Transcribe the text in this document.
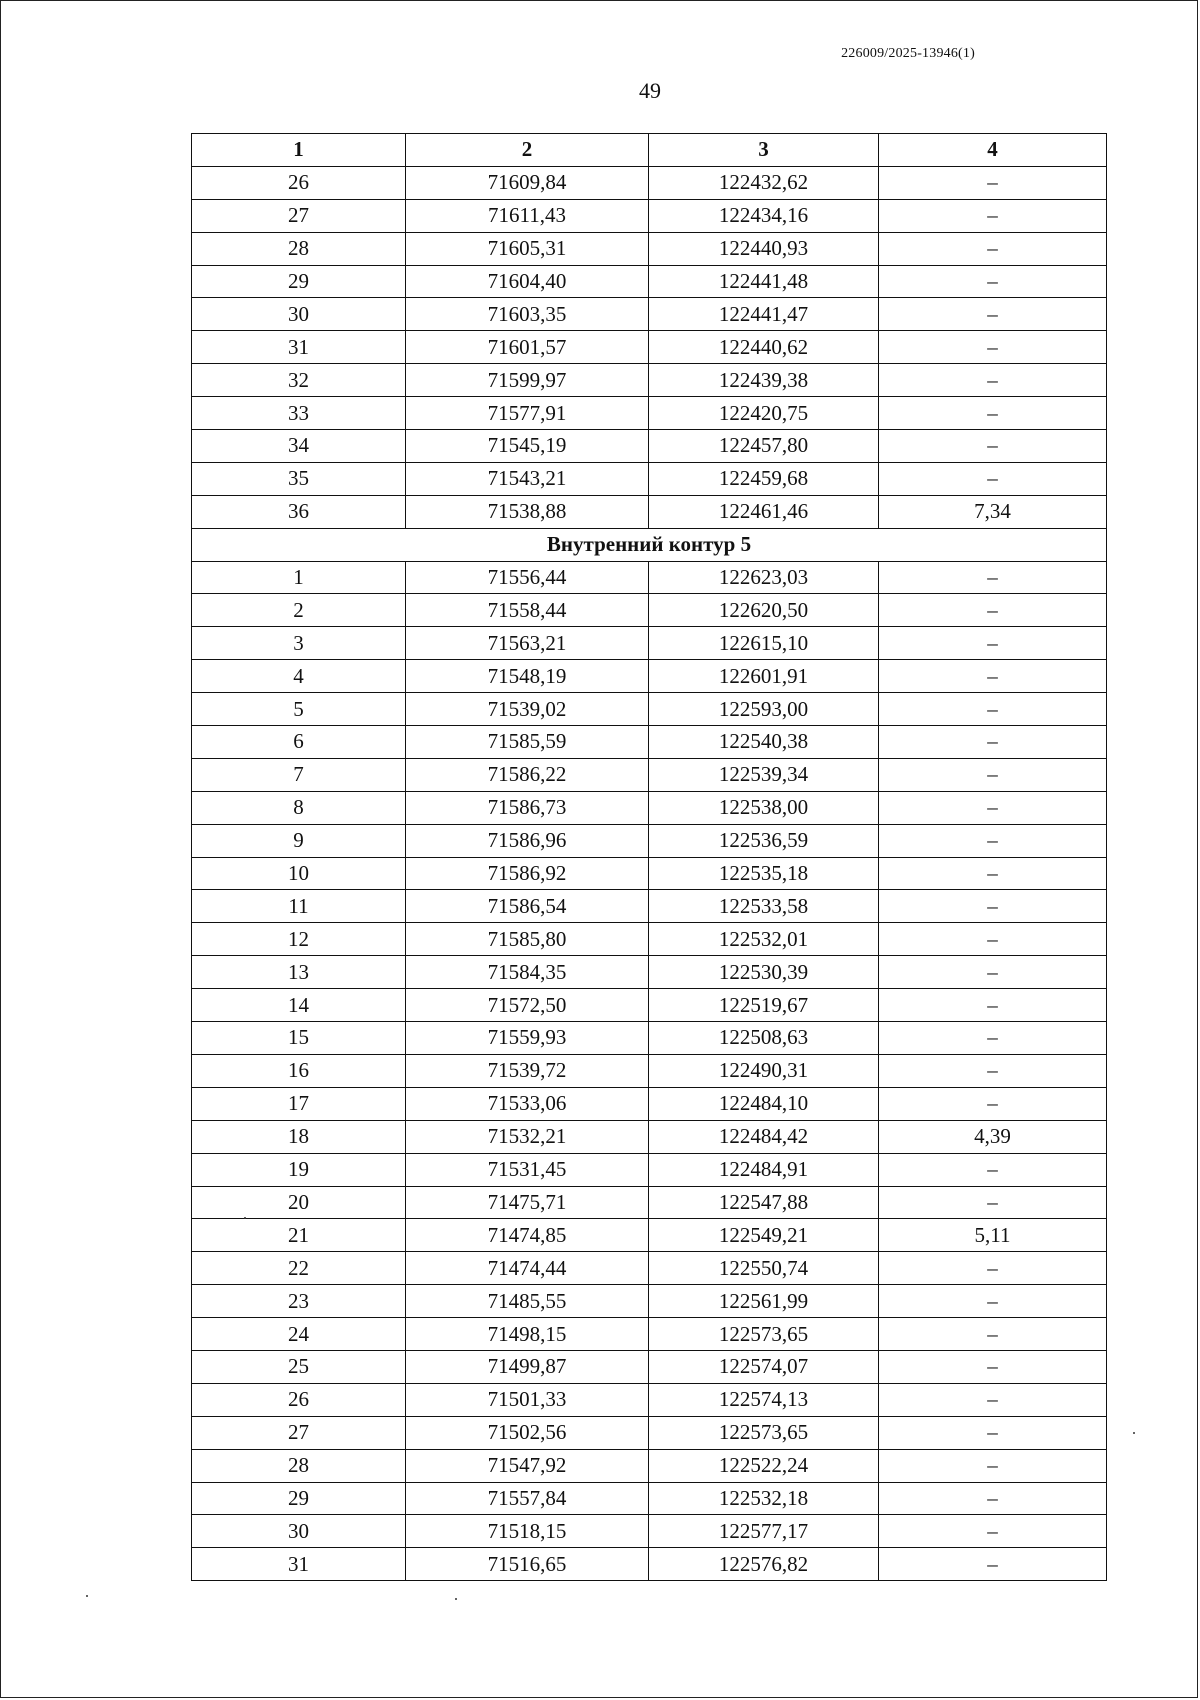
226009/2025-13946(1)
49
1	2	3	4
26	71609,84	122432,62	–
27	71611,43	122434,16	–
28	71605,31	122440,93	–
29	71604,40	122441,48	–
30	71603,35	122441,47	–
31	71601,57	122440,62	–
32	71599,97	122439,38	–
33	71577,91	122420,75	–
34	71545,19	122457,80	–
35	71543,21	122459,68	–
36	71538,88	122461,46	7,34
Внутренний контур 5			
1	71556,44	122623,03	–
2	71558,44	122620,50	–
3	71563,21	122615,10	–
4	71548,19	122601,91	–
5	71539,02	122593,00	–
6	71585,59	122540,38	–
7	71586,22	122539,34	–
8	71586,73	122538,00	–
9	71586,96	122536,59	–
10	71586,92	122535,18	–
11	71586,54	122533,58	–
12	71585,80	122532,01	–
13	71584,35	122530,39	–
14	71572,50	122519,67	–
15	71559,93	122508,63	–
16	71539,72	122490,31	–
17	71533,06	122484,10	–
18	71532,21	122484,42	4,39
19	71531,45	122484,91	–
20	71475,71	122547,88	–
21	71474,85	122549,21	5,11
22	71474,44	122550,74	–
23	71485,55	122561,99	–
24	71498,15	122573,65	–
25	71499,87	122574,07	–
26	71501,33	122574,13	–
27	71502,56	122573,65	–
28	71547,92	122522,24	–
29	71557,84	122532,18	–
30	71518,15	122577,17	–
31	71516,65	122576,82	–
